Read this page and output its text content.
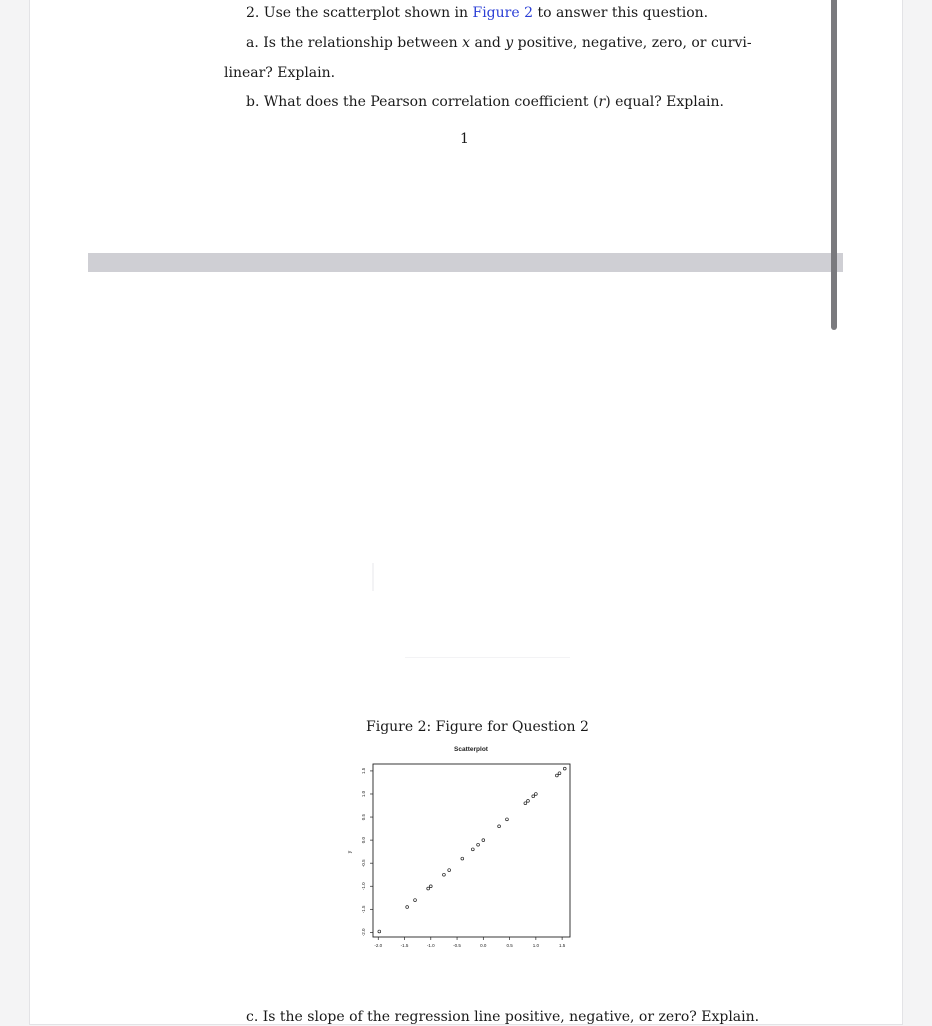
2. Use the scatterplot shown in Figure 2 to answer this question.
a. Is the relationship between x and y positive, negative, zero, or curvi-
linear? Explain.
b. What does the Pearson correlation coefficient (r) equal? Explain.
1
Figure 2: Figure for Question 2
Scatterplot
y
-2.0	-1.5	-1.0	-0.5	0.0	0.5	1.0	1.5
-2.0
-1.5
-1.0
-0.5
0.0
0.5
1.0
1.5
c. Is the slope of the regression line positive, negative, or zero? Explain.
